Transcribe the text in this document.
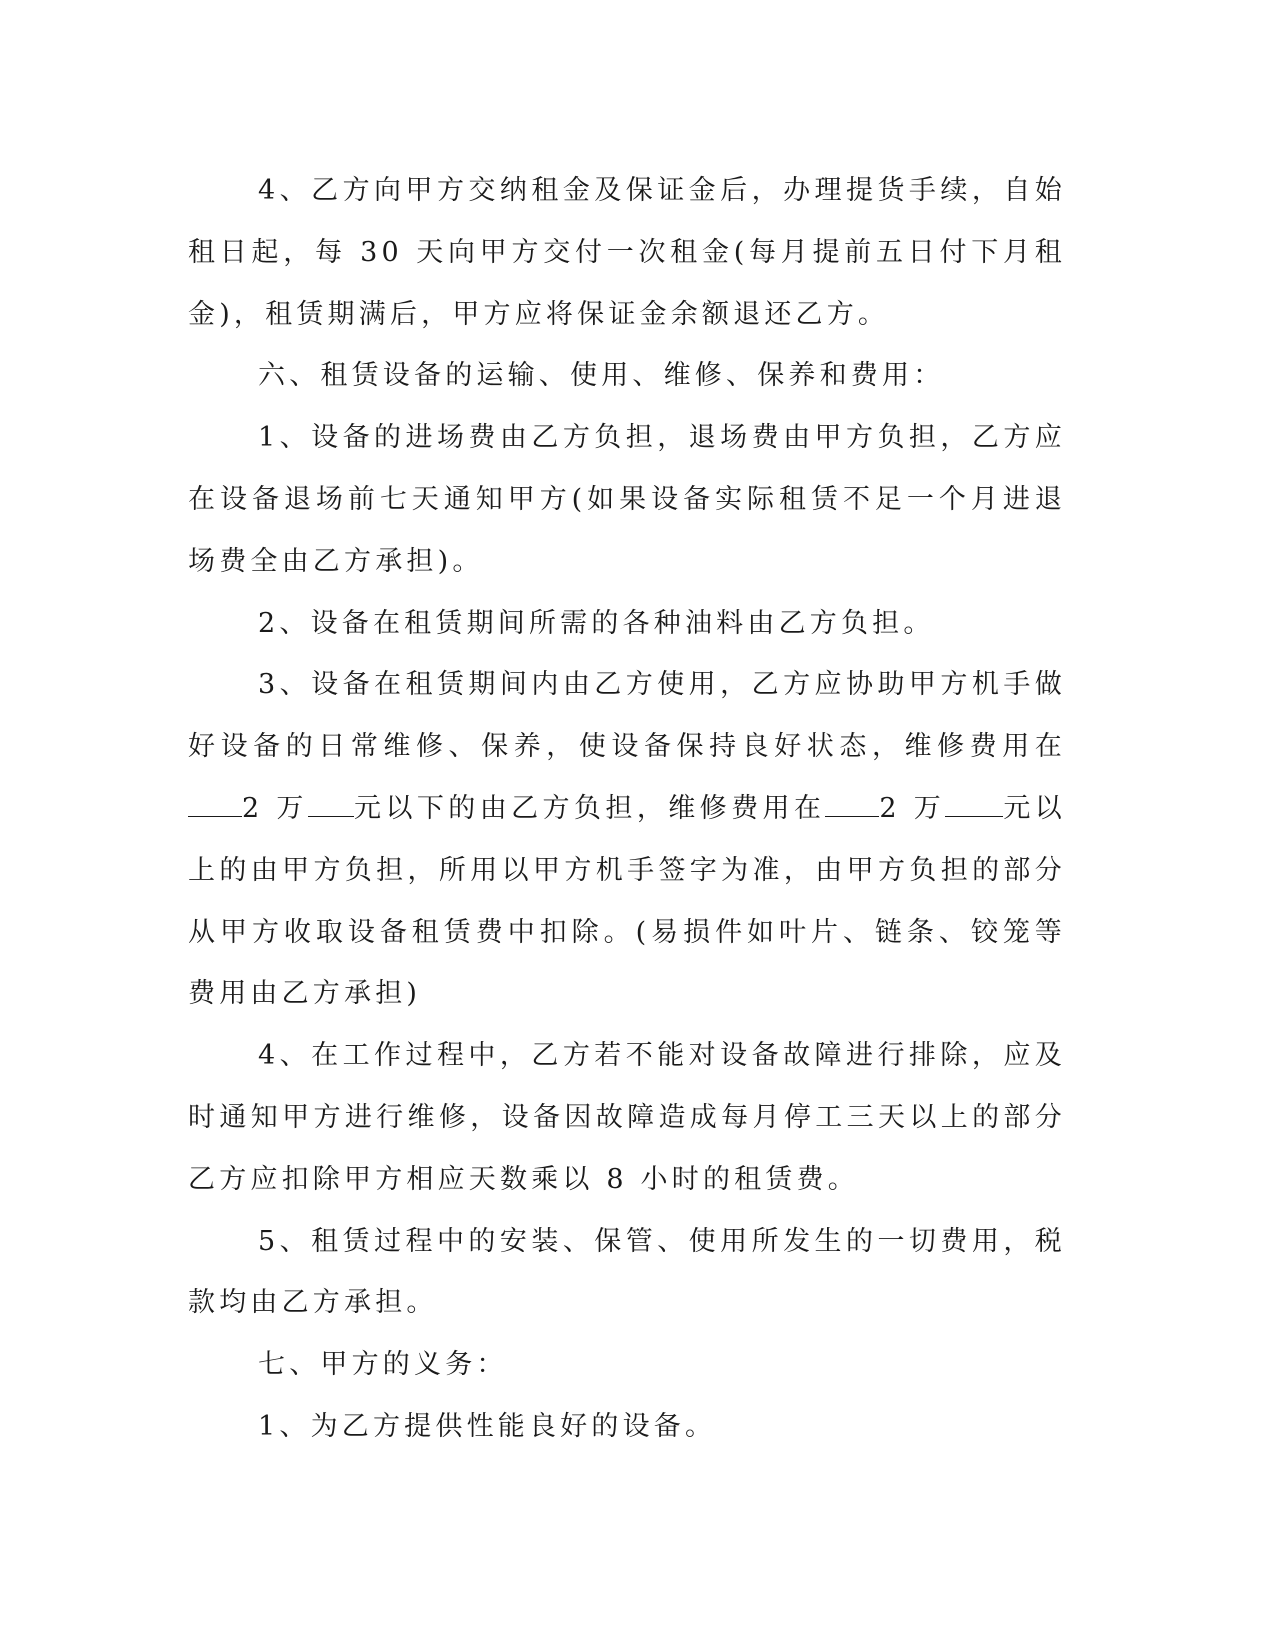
4、乙方向甲方交纳租金及保证金后，办理提货手续，自始租日起，每 30 天向甲方交付一次租金(每月提前五日付下月租金)，租赁期满后，甲方应将保证金余额退还乙方。

六、租赁设备的运输、使用、维修、保养和费用：

1、设备的进场费由乙方负担，退场费由甲方负担，乙方应在设备退场前七天通知甲方(如果设备实际租赁不足一个月进退场费全由乙方承担)。

2、设备在租赁期间所需的各种油料由乙方负担。

3、设备在租赁期间内由乙方使用，乙方应协助甲方机手做好设备的日常维修、保养，使设备保持良好状态，维修费用在2 万 元以下的由乙方负担，维修费用在 2 万 元以上的由甲方负担，所用以甲方机手签字为准，由甲方负担的部分从甲方收取设备租赁费中扣除。(易损件如叶片、链条、铰笼等费用由乙方承担)

4、在工作过程中，乙方若不能对设备故障进行排除，应及时通知甲方进行维修，设备因故障造成每月停工三天以上的部分乙方应扣除甲方相应天数乘以 8 小时的租赁费。

5、租赁过程中的安装、保管、使用所发生的一切费用，税款均由乙方承担。

七、甲方的义务：

1、为乙方提供性能良好的设备。
